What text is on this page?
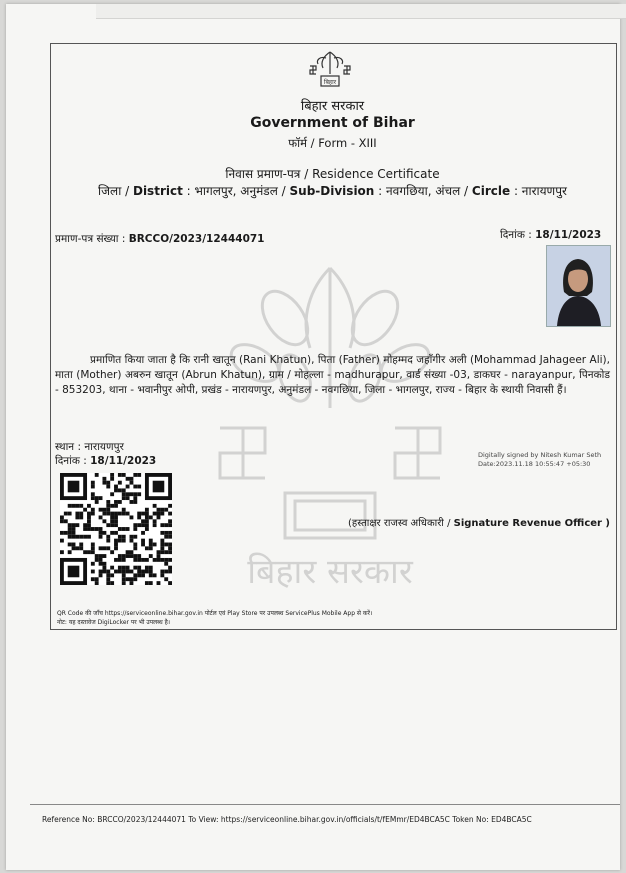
बिहार
बिहार सरकार
Government of Bihar
फॉर्म / Form - XIII
निवास प्रमाण-पत्र / Residence Certificate
जिला / District : भागलपुर, अनुमंडल / Sub-Division : नवगछिया, अंचल / Circle : नारायणपुर
प्रमाण-पत्र संख्या : BRCCO/2023/12444071	दिनांक : 18/11/2023
बिहार सरकार
प्रमाणित किया जाता है कि रानी खातून (Rani Khatun), पिता (Father) मोहम्मद जहाँगीर अली (Mohammad Jahageer Ali), माता (Mother) अबरुन खातून (Abrun Khatun), ग्राम / मोहल्ला - madhurapur, वार्ड संख्या -03, डाकघर - narayanpur, पिनकोड - 853203, थाना - भवानीपुर ओपी, प्रखंड - नारायणपुर, अनुमंडल - नवगछिया, जिला - भागलपुर, राज्य - बिहार के स्थायी निवासी हैं।
स्थान : नारायणपुर
दिनांक : 18/11/2023	Digitally signed by Nitesh Kumar Seth
Date:2023.11.18 10:55:47 +05:30
(हस्ताक्षर राजस्व अधिकारी / Signature Revenue Officer )
QR Code की जाँच https://serviceonline.bihar.gov.in पोर्टल एवं Play Store पर उपलब्ध ServicePlus Mobile App से करें।
नोट: यह दस्तावेज DigiLocker पर भी उपलब्ध है।
Reference No: BRCCO/2023/12444071 To View: https://serviceonline.bihar.gov.in/officials/t/fEMmr/ED4BCA5C Token No: ED4BCA5C
